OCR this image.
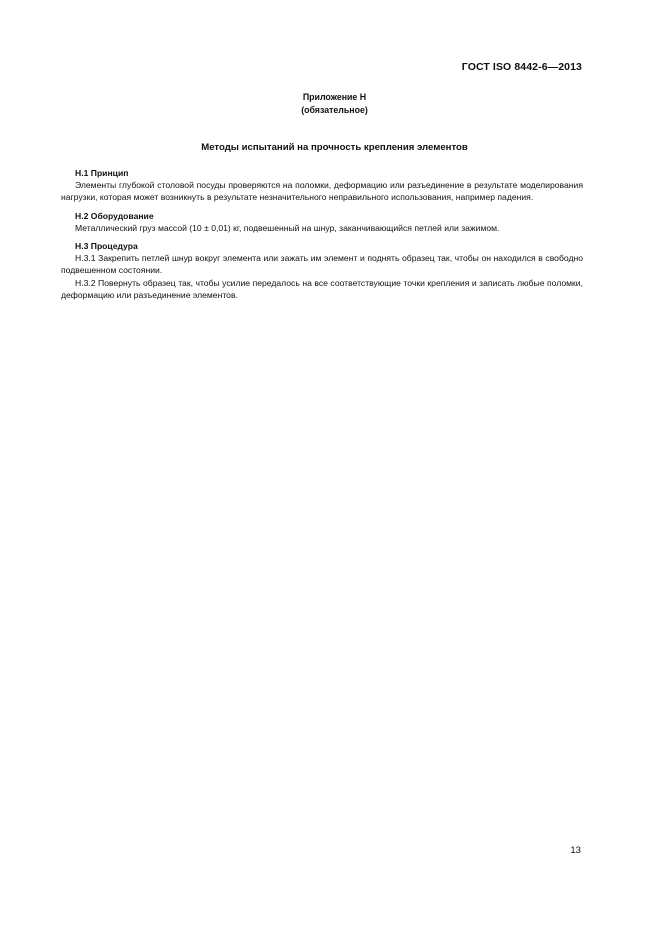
ГОСТ ISO 8442-6—2013
Приложение Н
(обязательное)
Методы испытаний на прочность крепления элементов

Н.1 Принцип

Элементы глубокой столовой посуды проверяются на поломки, деформацию или разъединение в результате моделирования нагрузки, которая может возникнуть в результате незначительного неправильного использования, например падения.

Н.2 Оборудование

Металлический груз массой (10 ± 0,01) кг, подвешенный на шнур, заканчивающийся петлей или зажимом.

Н.3 Процедура

Н.3.1 Закрепить петлей шнур вокруг элемента или зажать им элемент и поднять образец так, чтобы он находился в свободно подвешенном состоянии.

Н.3.2 Повернуть образец так, чтобы усилие передалось на все соответствующие точки крепления и записать любые поломки, деформацию или разъединение элементов.

13
